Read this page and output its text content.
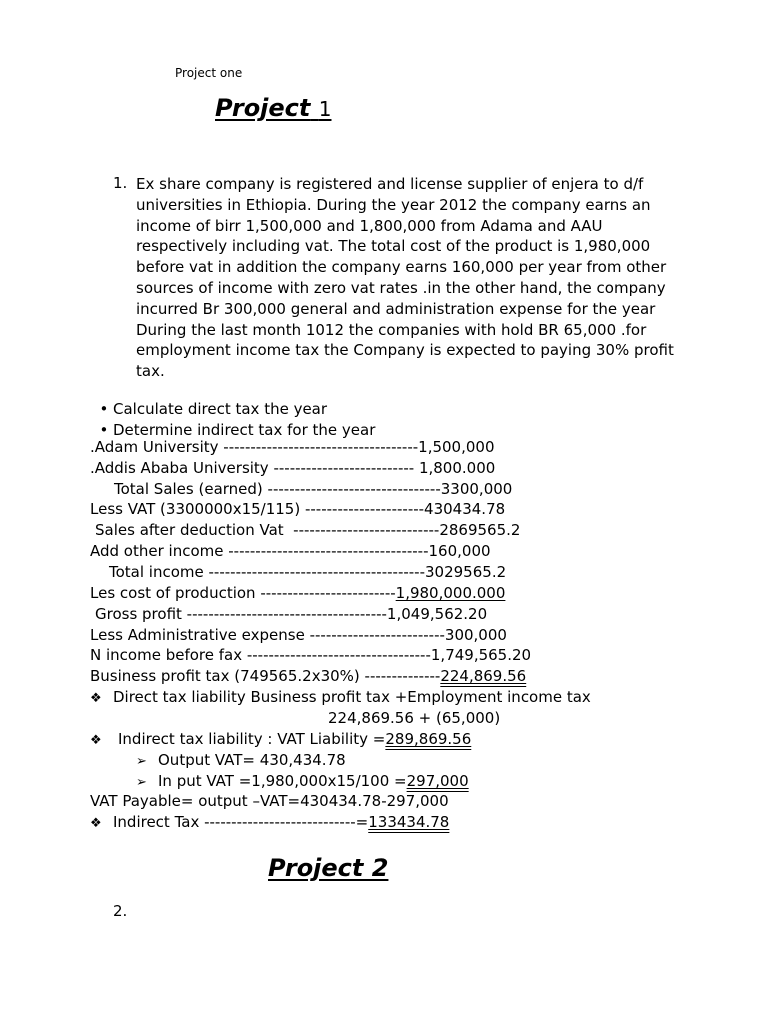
Project one
Project 1
1. Ex share company is registered and license supplier of enjera to d/f
universities in Ethiopia. During the year 2012 the company earns an
income of birr 1,500,000 and 1,800,000 from Adama and AAU
respectively including vat. The total cost of the product is 1,980,000
before vat in addition the company earns 160,000 per year from other
sources of income with zero vat rates .in the other hand, the company
incurred Br 300,000 general and administration expense for the year
During the last month 1012 the companies with hold BR 65,000 .for
employment income tax the Company is expected to paying 30% profit
tax.

• Calculate direct tax the year

• Determine indirect tax for the year

.Adam University ------------------------------------1,500,000
.Addis Ababa University -------------------------- 1,800.000
Total Sales (earned) --------------------------------3300,000
Less VAT (3300000x15/115) ----------------------430434.78
Sales after deduction Vat  ---------------------------2869565.2
Add other income -------------------------------------160,000
Total income ----------------------------------------3029565.2
Les cost of production -------------------------1,980,000.000
Gross profit -------------------------------------1,049,562.20
Less Administrative expense -------------------------300,000
N income before fax ----------------------------------1,749,565.20
Business profit tax (749565.2x30%) --------------224,869.56
❖ Direct tax liability Business profit tax +Employment income tax
224,869.56 + (65,000)
❖ Indirect tax liability : VAT Liability =289,869.56
➢ Output VAT= 430,434.78
➢ In put VAT =1,980,000x15/100 =297,000
VAT Payable= output –VAT=430434.78-297,000
❖ Indirect Tax ----------------------------=133434.78
Project 2
2.
